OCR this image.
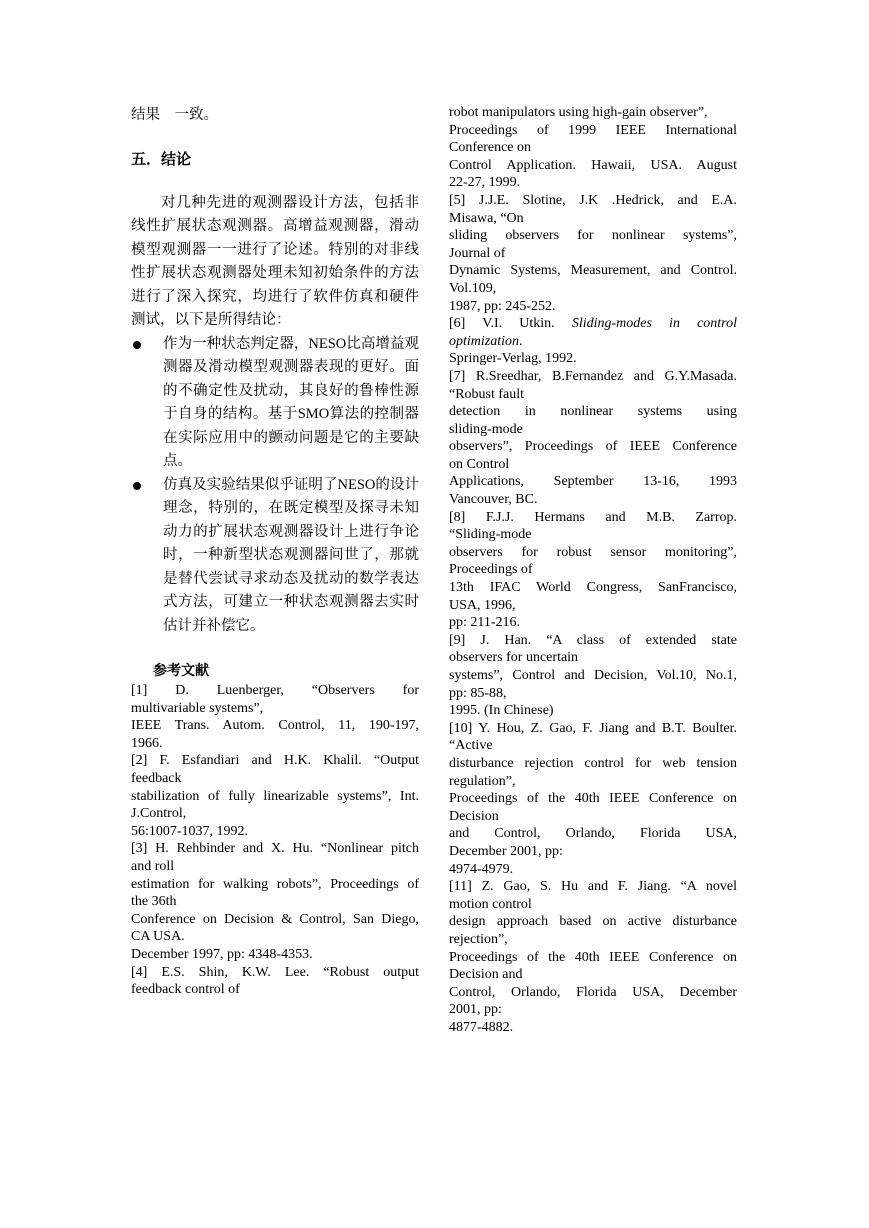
结果　一致。

五．结论

对几种先进的观测器设计方法，包括非线性扩展状态观测器。高增益观测器，滑动模型观测器一一进行了论述。特别的对非线性扩展状态观测器处理未知初始条件的方法进行了深入探究，均进行了软件仿真和硬件测试，以下是所得结论：

作为一种状态判定器，NESO比高增益观测器及滑动模型观测器表现的更好。面的不确定性及扰动，其良好的鲁棒性源于自身的结构。基于SMO算法的控制器在实际应用中的颤动问题是它的主要缺点。
仿真及实验结果似乎证明了NESO的设计理念，特别的，在既定模型及探寻未知动力的扩展状态观测器设计上进行争论时，一种新型状态观测器问世了，那就是替代尝试寻求动态及扰动的数学表达式方法，可建立一种状态观测器去实时估计并补偿它。
参考文献
[1] D. Luenberger, “Observers for
multivariable systems”,
IEEE Trans. Autom. Control, 11, 190-197,
1966.
[2] F. Esfandiari and H.K. Khalil. “Output
feedback
stabilization of fully linearizable systems”, Int.
J.Control,
56:1007-1037, 1992.
[3] H. Rehbinder and X. Hu. “Nonlinear pitch
and roll
estimation for walking robots”, Proceedings of
the 36th
Conference on Decision & Control, San Diego,
CA USA.
December 1997, pp: 4348-4353.
[4] E.S. Shin, K.W. Lee. “Robust output
feedback control of
robot manipulators using high-gain observer”,
Proceedings of 1999 IEEE International
Conference on
Control Application. Hawaii, USA. August
22-27, 1999.
[5] J.J.E. Slotine, J.K .Hedrick, and E.A.
Misawa, “On
sliding observers for nonlinear systems”,
Journal of
Dynamic Systems, Measurement, and Control.
Vol.109,
1987, pp: 245-252.
[6] V.I. Utkin. Sliding-modes in control
optimization.
Springer-Verlag, 1992.
[7] R.Sreedhar, B.Fernandez and G.Y.Masada.
“Robust fault
detection in nonlinear systems using
sliding-mode
observers”, Proceedings of IEEE Conference
on Control
Applications, September 13-16, 1993
Vancouver, BC.
[8] F.J.J. Hermans and M.B. Zarrop.
“Sliding-mode
observers for robust sensor monitoring”,
Proceedings of
13th IFAC World Congress, SanFrancisco,
USA, 1996,
pp: 211-216.
[9] J. Han. “A class of extended state
observers for uncertain
systems”, Control and Decision, Vol.10, No.1,
pp: 85-88,
1995. (In Chinese)
[10] Y. Hou, Z. Gao, F. Jiang and B.T. Boulter.
“Active
disturbance rejection control for web tension
regulation”,
Proceedings of the 40th IEEE Conference on
Decision
and Control, Orlando, Florida USA,
December 2001, pp:
4974-4979.
[11] Z. Gao, S. Hu and F. Jiang. “A novel
motion control
design approach based on active disturbance
rejection”,
Proceedings of the 40th IEEE Conference on
Decision and
Control, Orlando, Florida USA, December
2001, pp:
4877-4882.
